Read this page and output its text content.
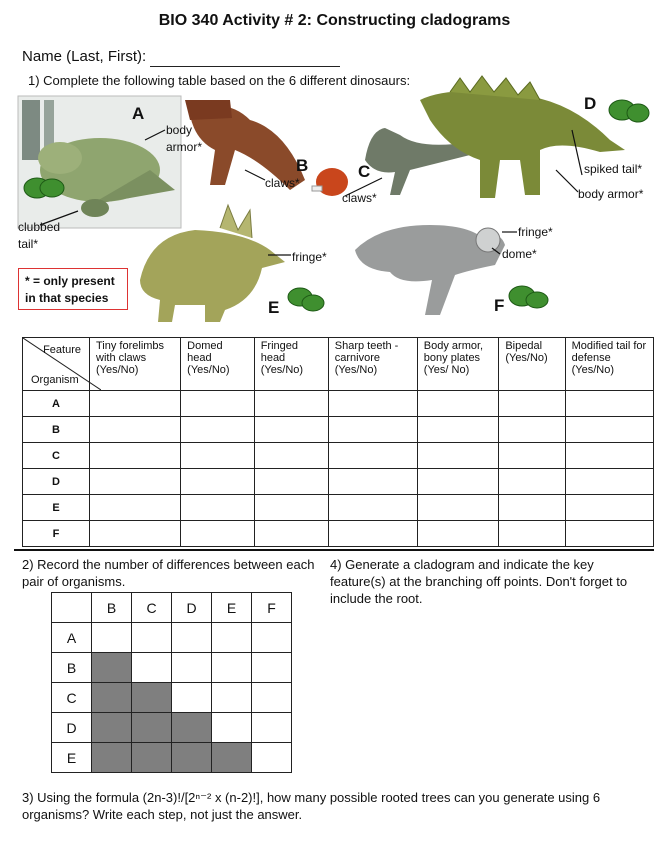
BIO 340 Activity # 2: Constructing cladograms
Name (Last, First):
1) Complete the following table based on the 6 different dinosaurs:
A
B	C
D
E	F
body armor*
clubbed tail*
claws*
claws*
spiked tail*
body armor*
fringe*
fringe*
dome*
* = only present in that species
Feature
Organism	Tiny forelimbs with claws (Yes/No)	Domed head (Yes/No)	Fringed head (Yes/No)	Sharp teeth - carnivore (Yes/No)	Body armor, bony plates (Yes/ No)	Bipedal (Yes/No)	Modified tail for defense (Yes/No)
A							
B							
C							
D							
E							
F							
2) Record the number of differences between each pair of organisms.
4) Generate a cladogram and indicate the key feature(s) at the branching off points. Don't forget to include the root.
	B	C	D	E	F
A					
B					
C					
D					
E					
3) Using the formula (2n-3)!/[2ⁿ⁻² x (n-2)!], how many possible rooted trees can you generate using 6 organisms? Write each step, not just the answer.
